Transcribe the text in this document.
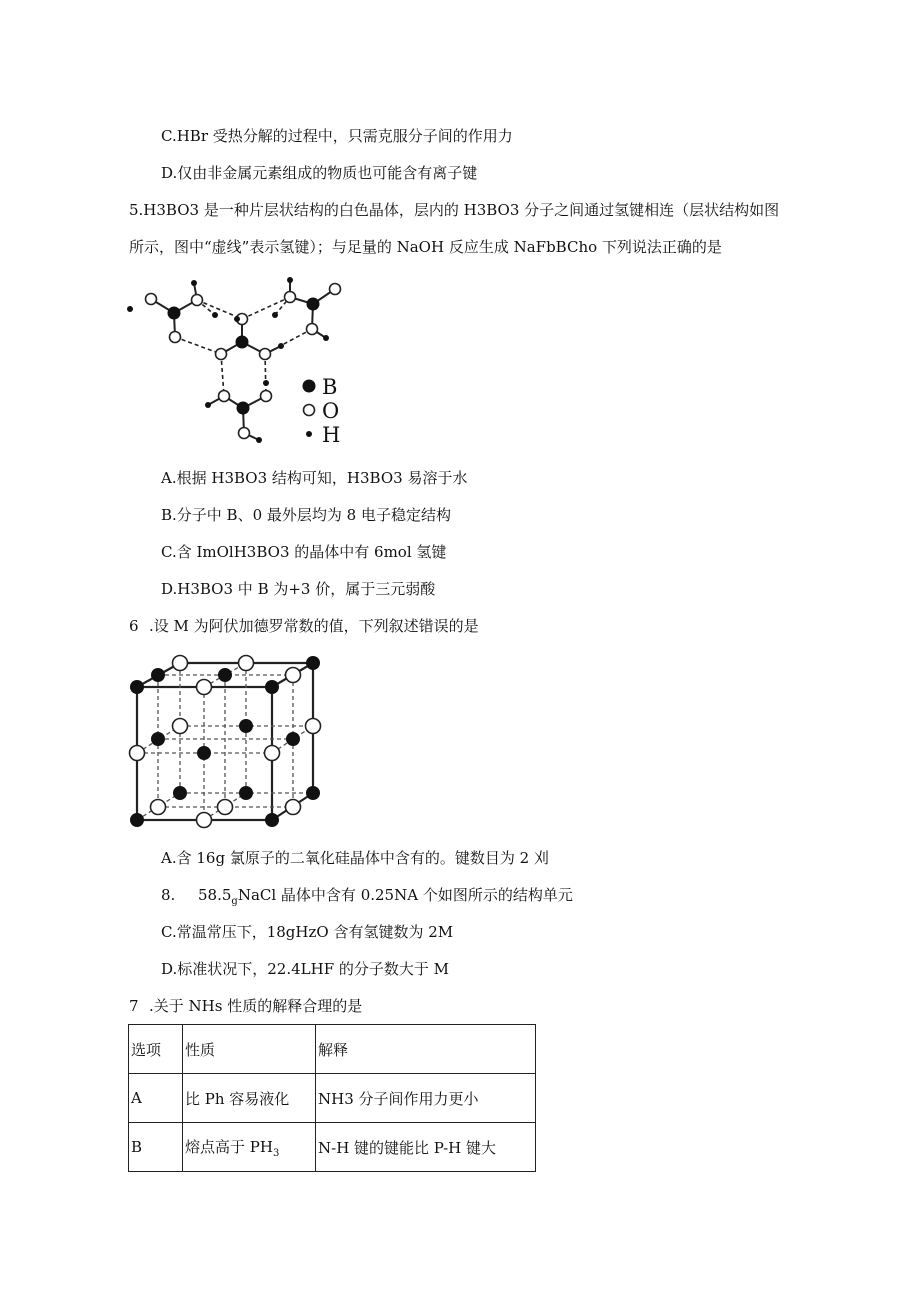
C.HBr 受热分解的过程中，只需克服分子间的作用力
D.仅由非金属元素组成的物质也可能含有离子键
5.H3BO3 是一种片层状结构的白色晶体，层内的 H3BO3 分子之间通过氢键相连（层状结构如图
所示，图中“虚线”表示氢键）；与足量的 NaOH 反应生成 NaFbBCho 下列说法正确的是
B
O
H
A.根据 H3BO3 结构可知，H3BO3 易溶于水
B.分子中 B、0 最外层均为 8 电子稳定结构
C.含 ImOlH3BO3 的晶体中有 6mol 氢键
D.H3BO3 中 B 为+3 价，属于三元弱酸
6 .设 M 为阿伏加德罗常数的值，下列叙述错误的是
A.含 16g 氯原子的二氧化硅晶体中含有的。键数目为 2 刈
8. $58.5_gNaCl$ 晶体中含有 0.25NA 个如图所示的结构单元
C.常温常压下，18gHzO 含有氢键数为 2M
D.标准状况下，22.4LHF 的分子数大于 M
7 .关于 NHs 性质的解释合理的是
选项	性质	解释
A	比 Ph 容易液化	NH3 分子间作用力更小
B	熔点高于 $PH_3$	N-H 键的键能比 P-H 键大
